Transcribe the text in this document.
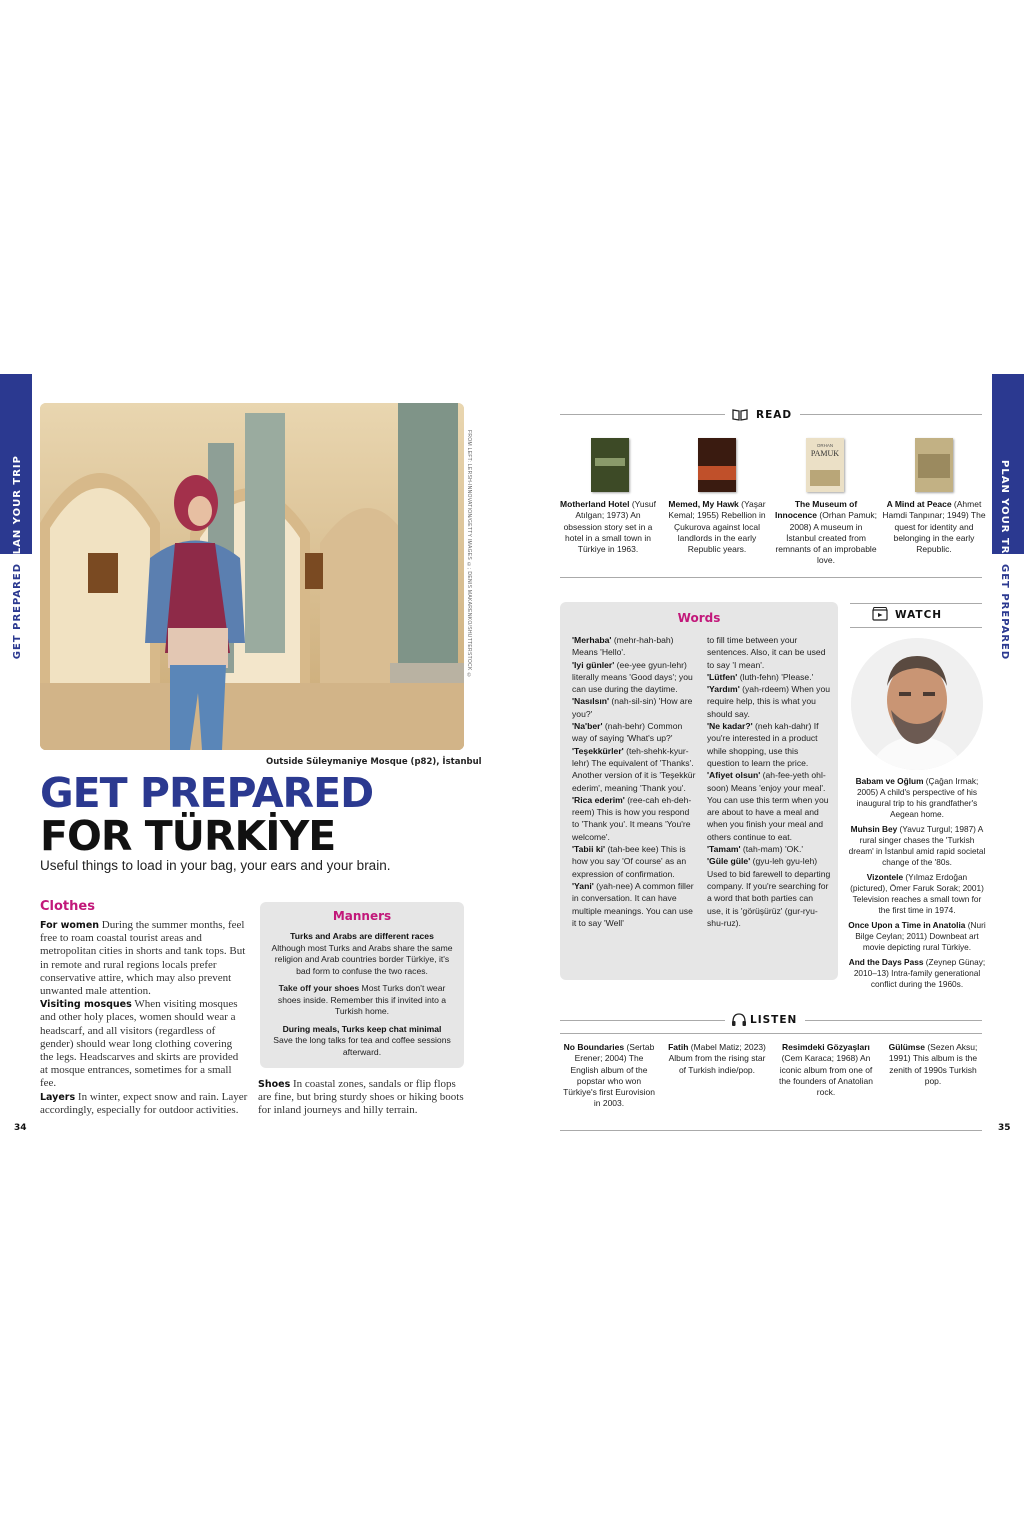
PLAN YOUR TRIP
GET PREPARED
PLAN YOUR TRIP
GET PREPARED
FROM LEFT: LERSH-INNOVATION/GETTY IMAGES ©; DENIS MAKARENKO/SHUTTERSTOCK ©
Outside Süleymaniye Mosque (p82), İstanbul
GET PREPARED
FOR TÜRKİYE
Useful things to load in your bag, your ears and your brain.
Clothes
For women During the summer months, feel free to roam coastal tourist areas and metropolitan cities in shorts and tank tops. But in remote and rural regions locals prefer conservative attire, which may also prevent unwanted male attention.
Visiting mosques When visiting mosques and other holy places, women should wear a headscarf, and all visitors (regardless of gender) should wear long clothing covering the legs. Headscarves and skirts are provided at mosque entrances, sometimes for a small fee.
Layers In winter, expect snow and rain. Layer accordingly, especially for outdoor activities.
Manners

Turks and Arabs are different races
Although most Turks and Arabs share the same religion and Arab countries border Türkiye, it's bad form to confuse the two races.

Take off your shoes Most Turks don't wear shoes inside. Remember this if invited into a Turkish home.

During meals, Turks keep chat minimal
Save the long talks for tea and coffee sessions afterward.

Shoes In coastal zones, sandals or flip flops are fine, but bring sturdy shoes or hiking boots for inland journeys and hilly terrain.
34
READ
ORHAN
PAMUK
Motherland Hotel (Yusuf Atılgan; 1973) An obsession story set in a hotel in a small town in Türkiye in 1963.
Memed, My Hawk (Yaşar Kemal; 1955) Rebellion in Çukurova against local landlords in the early Republic years.
The Museum of Innocence (Orhan Pamuk; 2008) A museum in İstanbul created from remnants of an improbable love.
A Mind at Peace (Ahmet Hamdi Tanpınar; 1949) The quest for identity and belonging in the early Republic.
Words
'Merhaba' (mehr-hah-bah) Means 'Hello'.
'Iyi günler' (ee-yee gyun-lehr) literally means 'Good days'; you can use during the daytime.
'Nasılsın' (nah-sil-sin) 'How are you?'
'Na'ber' (nah-behr) Common way of saying 'What's up?'
'Teşekkürler' (teh-shehk-kyur-lehr) The equivalent of 'Thanks'. Another version of it is 'Teşekkür ederim', meaning 'Thank you'.
'Rica ederim' (ree-cah eh-deh-reem) This is how you respond to 'Thank you'. It means 'You're welcome'.
'Tabii ki' (tah-bee kee) This is how you say 'Of course' as an expression of confirmation.
'Yani' (yah-nee) A common filler in conversation. It can have multiple meanings. You can use it to say 'Well'
to fill time between your sentences. Also, it can be used to say 'I mean'.
'Lütfen' (luth-fehn) 'Please.'
'Yardım' (yah-rdeem) When you require help, this is what you should say.
'Ne kadar?' (neh kah-dahr) If you're interested in a product while shopping, use this question to learn the price.
'Afiyet olsun' (ah-fee-yeth ohl-soon) Means 'enjoy your meal'. You can use this term when you are about to have a meal and when you finish your meal and others continue to eat.
'Tamam' (tah-mam) 'OK.'
'Güle güle' (gyu-leh gyu-leh) Used to bid farewell to departing company. If you're searching for a word that both parties can use, it is 'görüşürüz' (gur-ryu-shu-ruz).
WATCH

Babam ve Oğlum (Çağan Irmak; 2005) A child's perspective of his inaugural trip to his grandfather's Aegean home.

Muhsin Bey (Yavuz Turgul; 1987) A rural singer chases the 'Turkish dream' in İstanbul amid rapid societal change of the '80s.

Vizontele (Yılmaz Erdoğan (pictured), Ömer Faruk Sorak; 2001) Television reaches a small town for the first time in 1974.

Once Upon a Time in Anatolia (Nuri Bilge Ceylan; 2011) Downbeat art movie depicting rural Türkiye.

And the Days Pass (Zeynep Günay; 2010–13) Intra-family generational conflict during the 1960s.

LISTEN
No Boundaries (Sertab Erener; 2004) The English album of the popstar who won Türkiye's first Eurovision in 2003.
Fatih (Mabel Matiz; 2023) Album from the rising star of Turkish indie/pop.
Resimdeki Gözyaşları (Cem Karaca; 1968) An iconic album from one of the founders of Anatolian rock.
Gülümse (Sezen Aksu; 1991) This album is the zenith of 1990s Turkish pop.
35
